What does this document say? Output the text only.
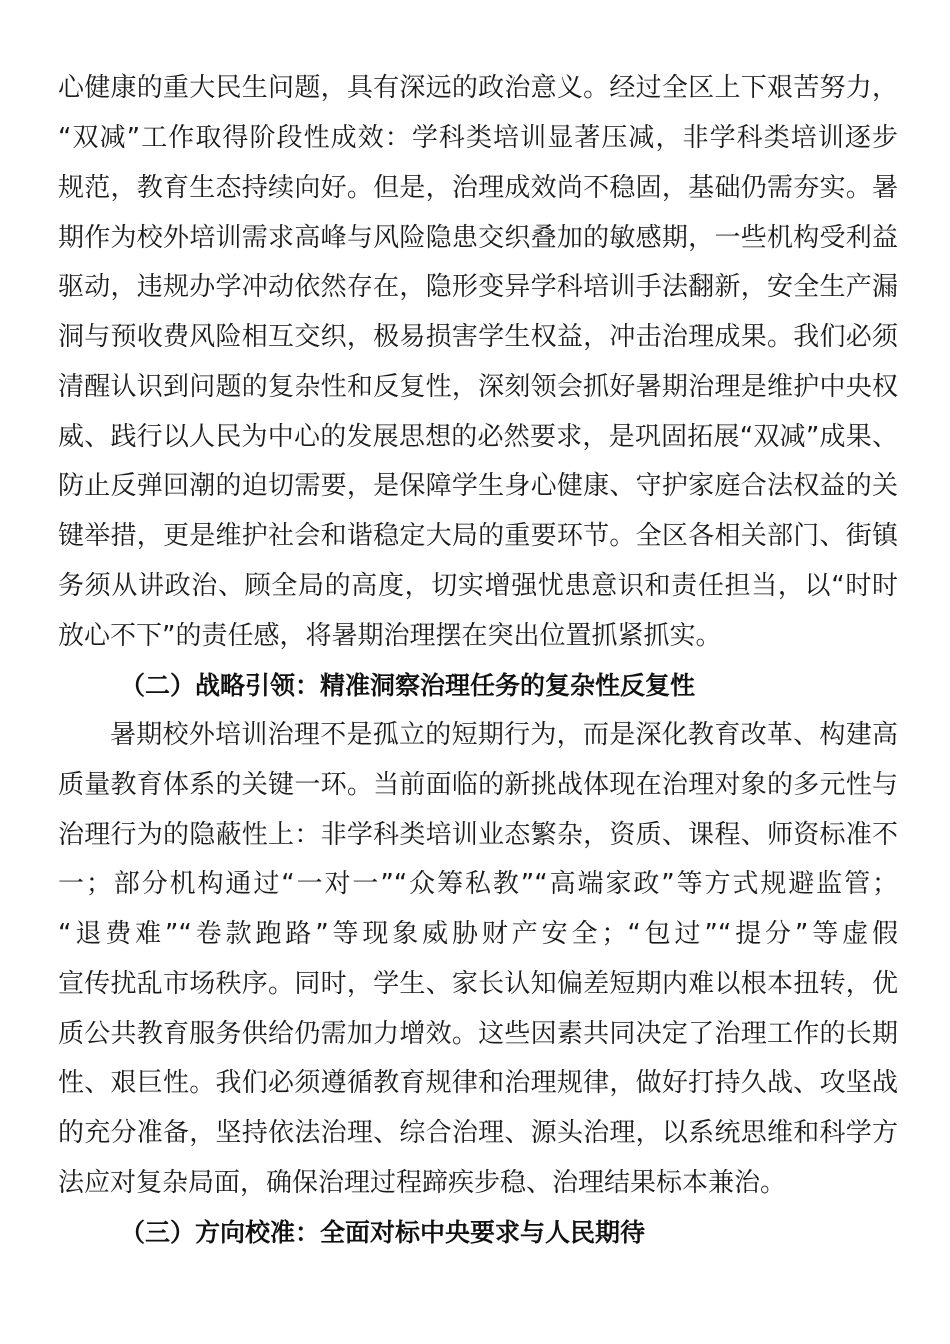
心健康的重大民生问题，具有深远的政治意义。经过全区上下艰苦努力，
“双减”工作取得阶段性成效：学科类培训显著压减，非学科类培训逐步
规范，教育生态持续向好。但是，治理成效尚不稳固，基础仍需夯实。暑
期作为校外培训需求高峰与风险隐患交织叠加的敏感期，一些机构受利益
驱动，违规办学冲动依然存在，隐形变异学科培训手法翻新，安全生产漏
洞与预收费风险相互交织，极易损害学生权益，冲击治理成果。我们必须
清醒认识到问题的复杂性和反复性，深刻领会抓好暑期治理是维护中央权
威、践行以人民为中心的发展思想的必然要求，是巩固拓展“双减”成果、
防止反弹回潮的迫切需要，是保障学生身心健康、守护家庭合法权益的关
键举措，更是维护社会和谐稳定大局的重要环节。全区各相关部门、街镇
务须从讲政治、顾全局的高度，切实增强忧患意识和责任担当，以“时时
放心不下”的责任感，将暑期治理摆在突出位置抓紧抓实。
（二）战略引领：精准洞察治理任务的复杂性反复性
暑期校外培训治理不是孤立的短期行为，而是深化教育改革、构建高
质量教育体系的关键一环。当前面临的新挑战体现在治理对象的多元性与
治理行为的隐蔽性上：非学科类培训业态繁杂，资质、课程、师资标准不
一；部分机构通过“一对一”“众筹私教”“高端家政”等方式规避监管；
“退费难”“卷款跑路”等现象威胁财产安全；“包过”“提分”等虚假
宣传扰乱市场秩序。同时，学生、家长认知偏差短期内难以根本扭转，优
质公共教育服务供给仍需加力增效。这些因素共同决定了治理工作的长期
性、艰巨性。我们必须遵循教育规律和治理规律，做好打持久战、攻坚战
的充分准备，坚持依法治理、综合治理、源头治理，以系统思维和科学方
法应对复杂局面，确保治理过程蹄疾步稳、治理结果标本兼治。
（三）方向校准：全面对标中央要求与人民期待
